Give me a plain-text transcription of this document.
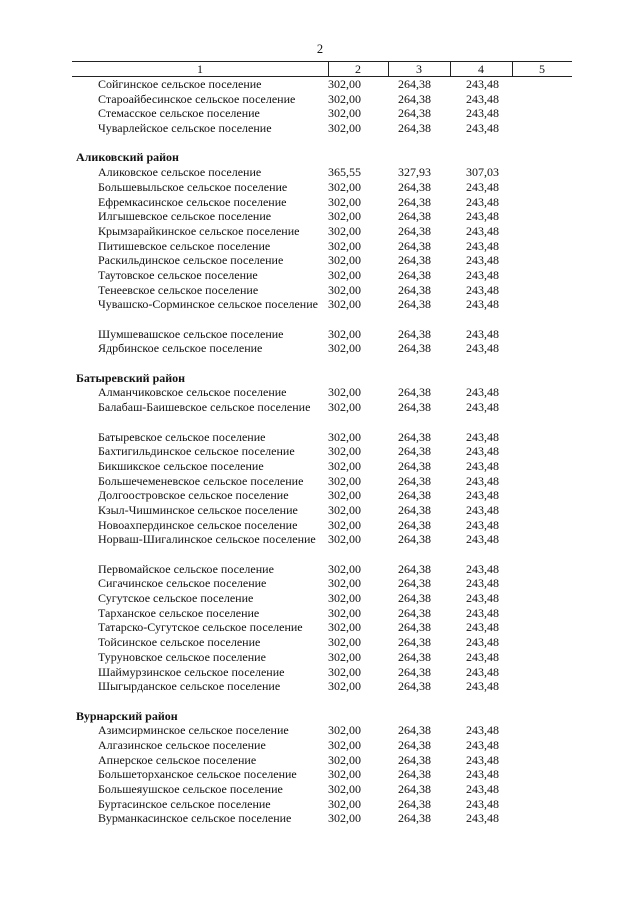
2
1	2	3	4	5
Сойгинское сельское поселение	302,00	264,38	243,48
Староайбесинское сельское поселение	302,00	264,38	243,48
Стемасское сельское поселение	302,00	264,38	243,48
Чуварлейское сельское поселение	302,00	264,38	243,48
Аликовский район
Аликовское сельское поселение	365,55	327,93	307,03
Большевыльское сельское поселение	302,00	264,38	243,48
Ефремкасинское сельское поселение	302,00	264,38	243,48
Илгышевское сельское поселение	302,00	264,38	243,48
Крымзарайкинское сельское поселение	302,00	264,38	243,48
Питишевское сельское поселение	302,00	264,38	243,48
Раскильдинское сельское поселение	302,00	264,38	243,48
Таутовское сельское поселение	302,00	264,38	243,48
Тенеевское сельское поселение	302,00	264,38	243,48
Чувашско-Сорминское сельское поселение 302,00	264,38	243,48
Шумшевашское сельское поселение	302,00	264,38	243,48
Ядрбинское сельское поселение	302,00	264,38	243,48
Батыревский район
Алманчиковское сельское поселение	302,00	264,38	243,48
Балабаш-Баишевское сельское поселение	302,00	264,38	243,48
Батыревское сельское поселение	302,00	264,38	243,48
Бахтигильдинское сельское поселение	302,00	264,38	243,48
Бикшикское сельское поселение	302,00	264,38	243,48
Большечеменевское сельское поселение	302,00	264,38	243,48
Долгоостровское сельское поселение	302,00	264,38	243,48
Кзыл-Чишминское сельское поселение	302,00	264,38	243,48
Новоахпердинское сельское поселение	302,00	264,38	243,48
Норваш-Шигалинское сельское поселение	302,00	264,38	243,48
Первомайское сельское поселение	302,00	264,38	243,48
Сигачинское сельское поселение	302,00	264,38	243,48
Сугутское сельское поселение	302,00	264,38	243,48
Тарханское сельское поселение	302,00	264,38	243,48
Татарско-Сугутское сельское поселение	302,00	264,38	243,48
Тойсинское сельское поселение	302,00	264,38	243,48
Туруновское сельское поселение	302,00	264,38	243,48
Шаймурзинское сельское поселение	302,00	264,38	243,48
Шыгырданское сельское поселение	302,00	264,38	243,48
Вурнарский район
Азимсирминское сельское поселение	302,00	264,38	243,48
Алгазинское сельское поселение	302,00	264,38	243,48
Апнерское сельское поселение	302,00	264,38	243,48
Большеторханское сельское поселение	302,00	264,38	243,48
Большеяушское сельское поселение	302,00	264,38	243,48
Буртасинское сельское поселение	302,00	264,38	243,48
Вурманкасинское сельское поселение	302,00	264,38	243,48
